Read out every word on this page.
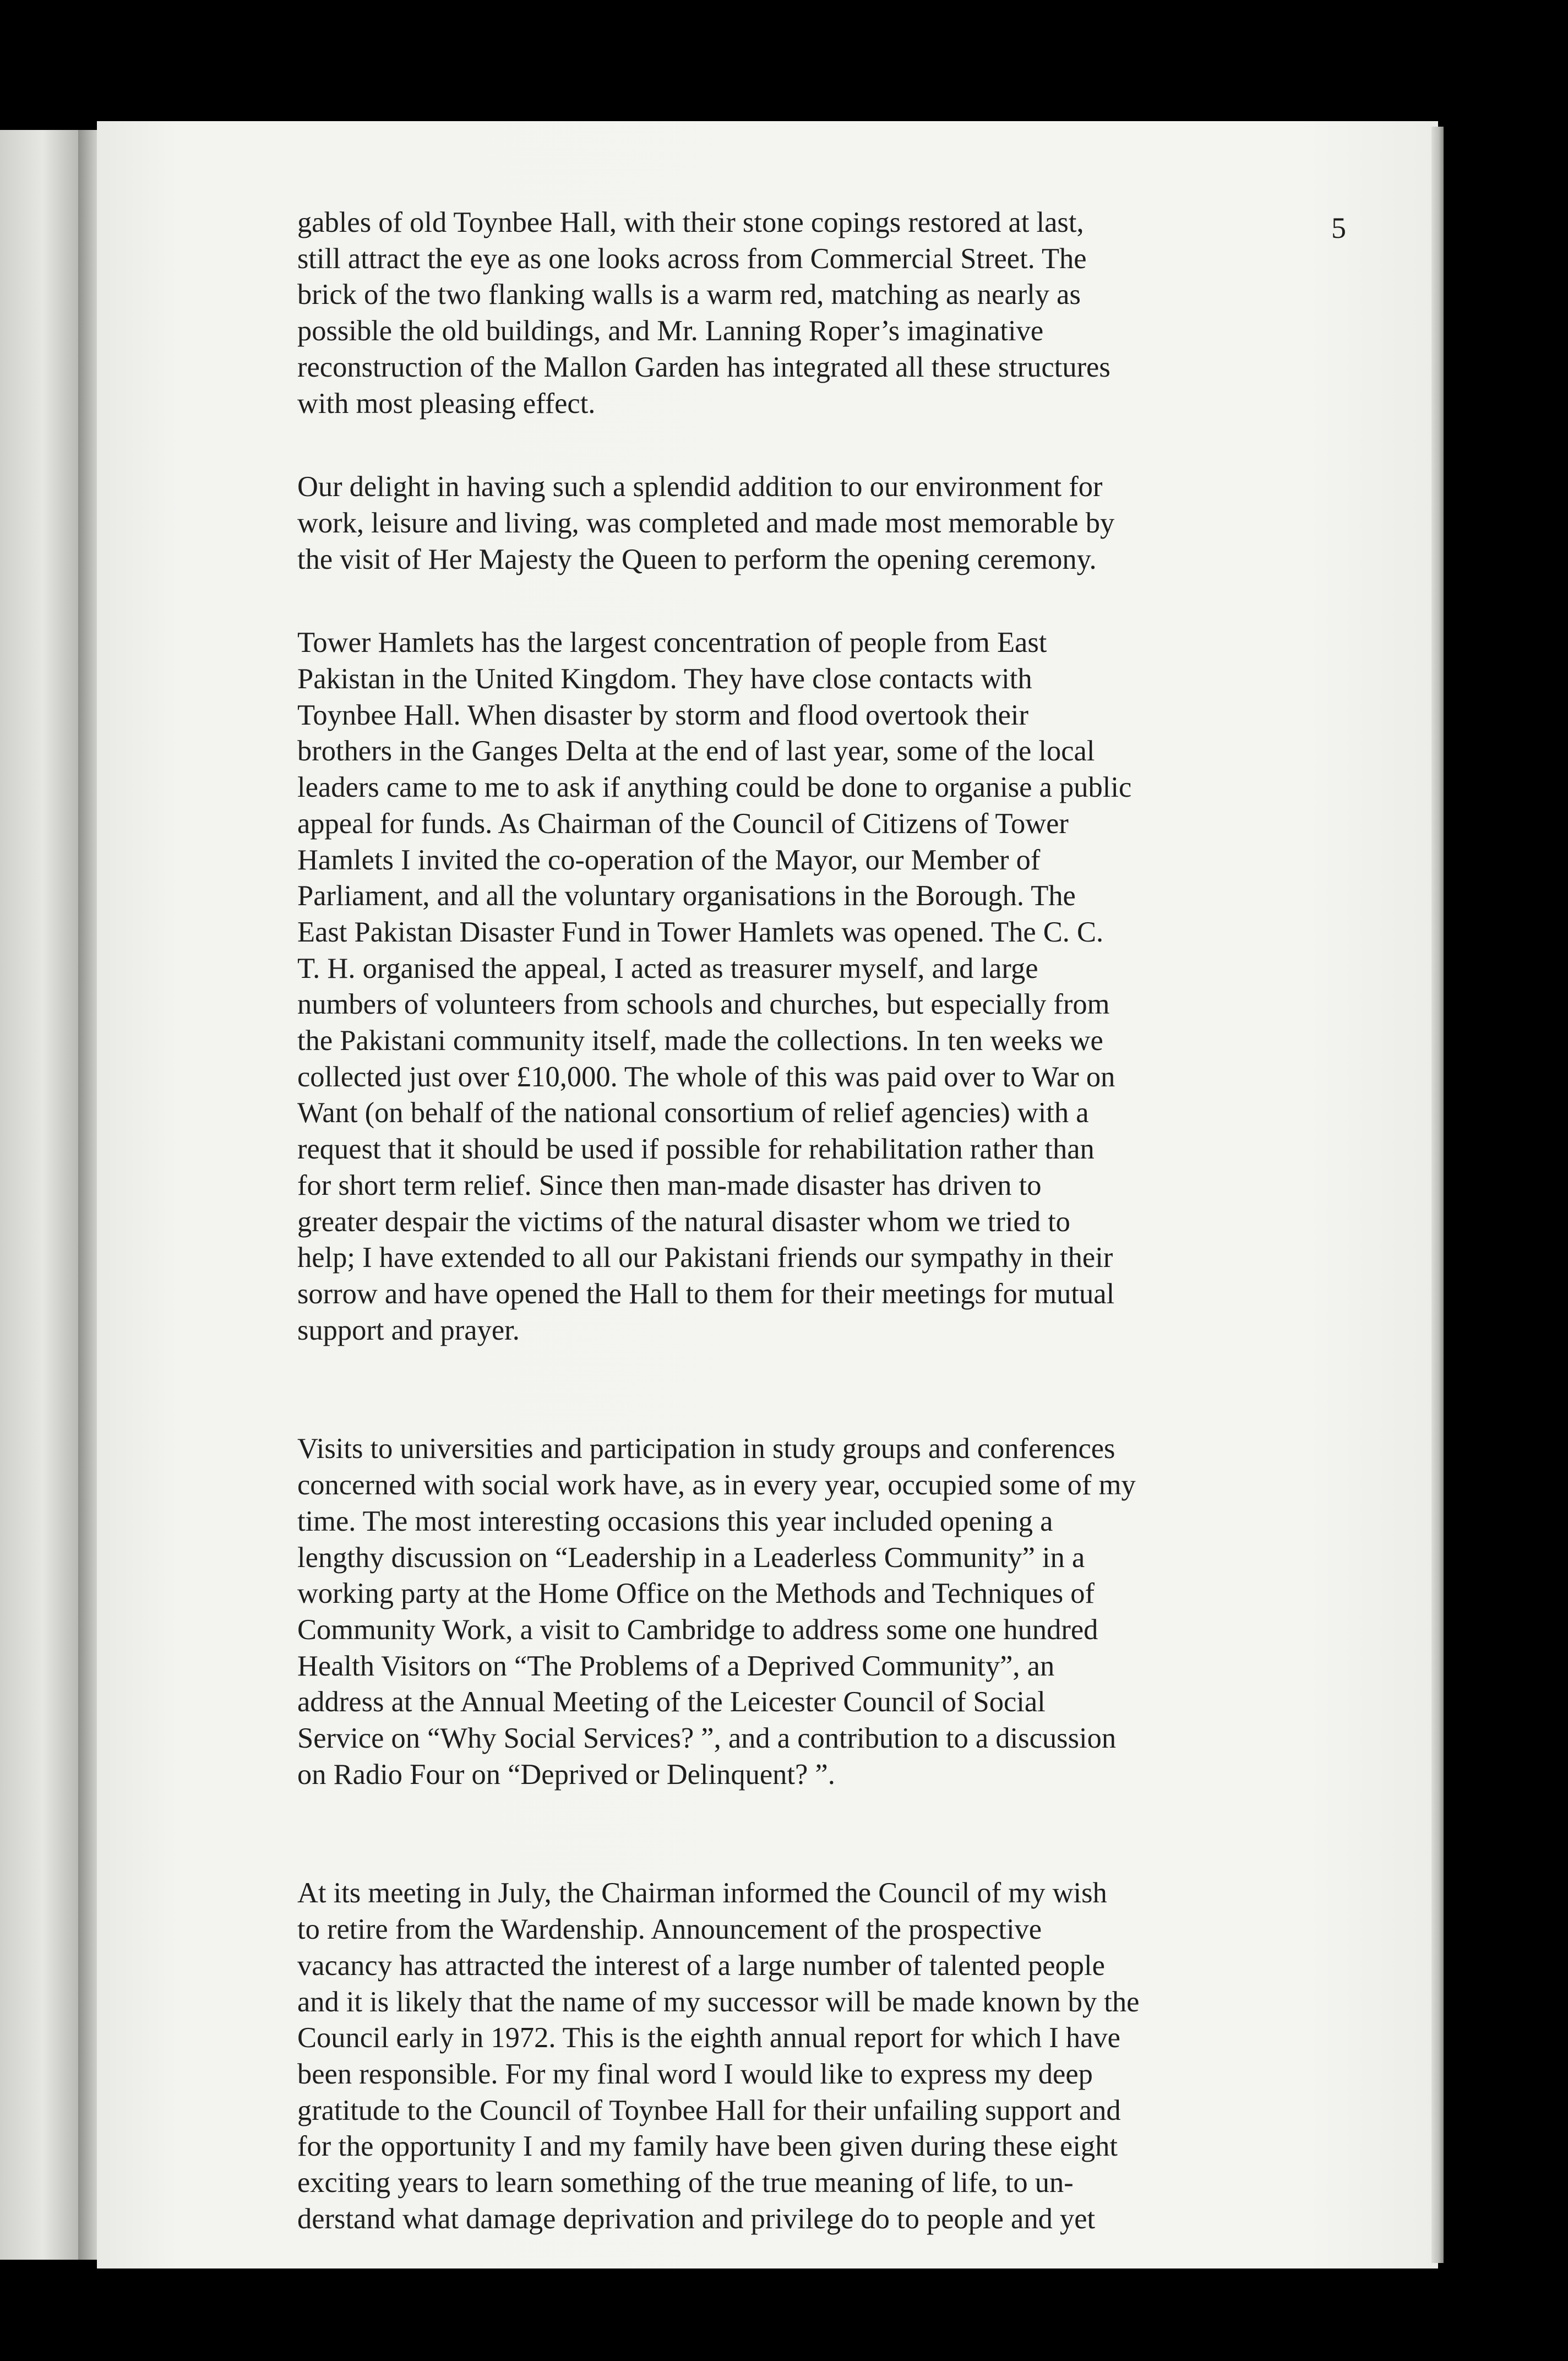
5

gables of old Toynbee Hall, with their stone copings restored at last,
still attract the eye as one looks across from Commercial Street. The
brick of the two flanking walls is a warm red, matching as nearly as
possible the old buildings, and Mr. Lanning Roper’s imaginative
reconstruction of the Mallon Garden has integrated all these structures
with most pleasing effect.

Our delight in having such a splendid addition to our environment for
work, leisure and living, was completed and made most memorable by
the visit of Her Majesty the Queen to perform the opening ceremony.

Tower Hamlets has the largest concentration of people from East
Pakistan in the United Kingdom. They have close contacts with
Toynbee Hall. When disaster by storm and flood overtook their
brothers in the Ganges Delta at the end of last year, some of the local
leaders came to me to ask if anything could be done to organise a public
appeal for funds. As Chairman of the Council of Citizens of Tower
Hamlets I invited the co-operation of the Mayor, our Member of
Parliament, and all the voluntary organisations in the Borough. The
East Pakistan Disaster Fund in Tower Hamlets was opened. The C. C.
T. H. organised the appeal, I acted as treasurer myself, and large
numbers of volunteers from schools and churches, but especially from
the Pakistani community itself, made the collections. In ten weeks we
collected just over £10,000. The whole of this was paid over to War on
Want (on behalf of the national consortium of relief agencies) with a
request that it should be used if possible for rehabilitation rather than
for short term relief. Since then man-made disaster has driven to
greater despair the victims of the natural disaster whom we tried to
help; I have extended to all our Pakistani friends our sympathy in their
sorrow and have opened the Hall to them for their meetings for mutual
support and prayer.

Visits to universities and participation in study groups and conferences
concerned with social work have, as in every year, occupied some of my
time. The most interesting occasions this year included opening a
lengthy discussion on “Leadership in a Leaderless Community” in a
working party at the Home Office on the Methods and Techniques of
Community Work, a visit to Cambridge to address some one hundred
Health Visitors on “The Problems of a Deprived Community”, an
address at the Annual Meeting of the Leicester Council of Social
Service on “Why Social Services? ”, and a contribution to a discussion
on Radio Four on “Deprived or Delinquent? ”.

At its meeting in July, the Chairman informed the Council of my wish
to retire from the Wardenship. Announcement of the prospective
vacancy has attracted the interest of a large number of talented people
and it is likely that the name of my successor will be made known by the
Council early in 1972. This is the eighth annual report for which I have
been responsible. For my final word I would like to express my deep
gratitude to the Council of Toynbee Hall for their unfailing support and
for the opportunity I and my family have been given during these eight
exciting years to learn something of the true meaning of life, to un-
derstand what damage deprivation and privilege do to people and yet
